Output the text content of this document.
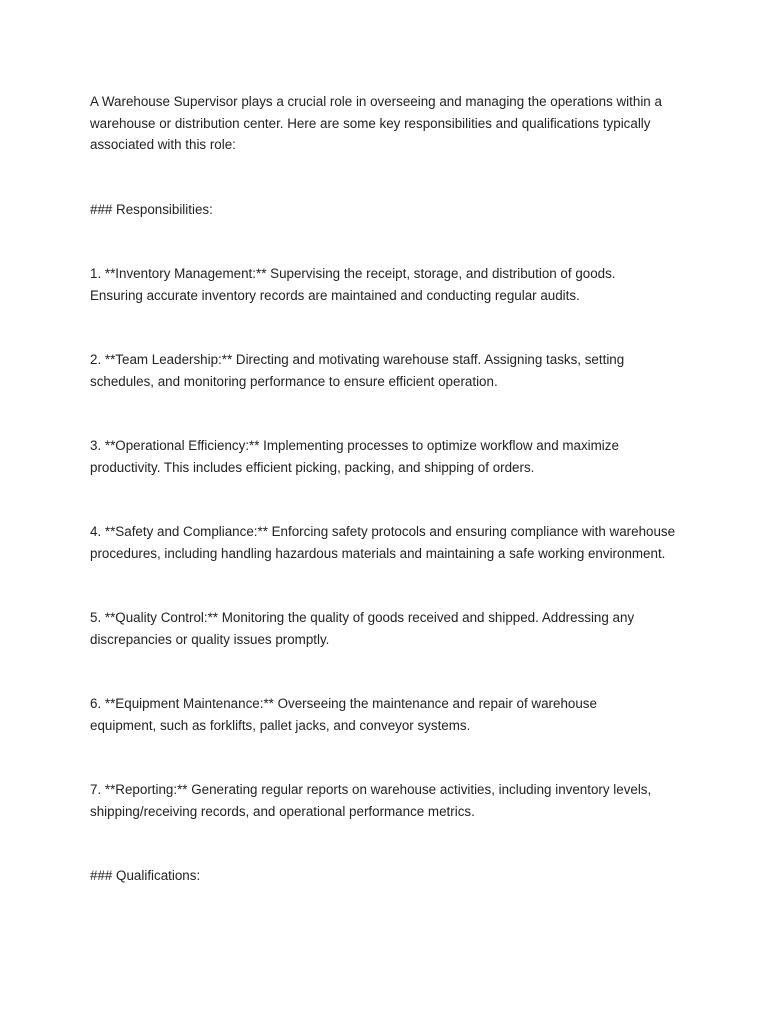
A Warehouse Supervisor plays a crucial role in overseeing and managing the operations within a warehouse or distribution center. Here are some key responsibilities and qualifications typically associated with this role:

### Responsibilities:

1. **Inventory Management:** Supervising the receipt, storage, and distribution of goods. Ensuring accurate inventory records are maintained and conducting regular audits.

2. **Team Leadership:** Directing and motivating warehouse staff. Assigning tasks, setting schedules, and monitoring performance to ensure efficient operation.

3. **Operational Efficiency:** Implementing processes to optimize workflow and maximize productivity. This includes efficient picking, packing, and shipping of orders.

4. **Safety and Compliance:** Enforcing safety protocols and ensuring compliance with warehouse procedures, including handling hazardous materials and maintaining a safe working environment.

5. **Quality Control:** Monitoring the quality of goods received and shipped. Addressing any discrepancies or quality issues promptly.

6. **Equipment Maintenance:** Overseeing the maintenance and repair of warehouse equipment, such as forklifts, pallet jacks, and conveyor systems.

7. **Reporting:** Generating regular reports on warehouse activities, including inventory levels, shipping/receiving records, and operational performance metrics.

### Qualifications:
